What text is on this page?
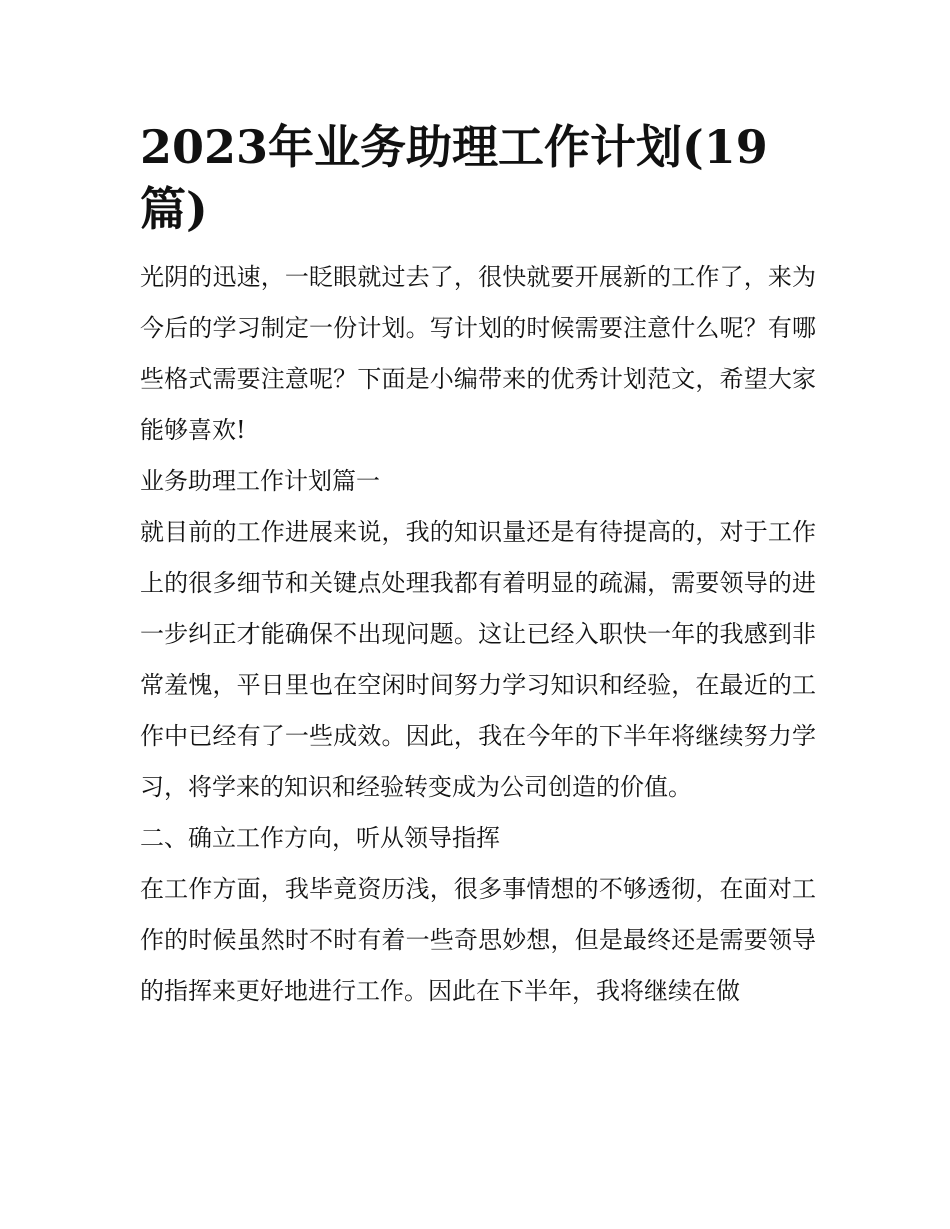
2023年业务助理工作计划(19篇)

光阴的迅速，一眨眼就过去了，很快就要开展新的工作了，来为今后的学习制定一份计划。写计划的时候需要注意什么呢？有哪些格式需要注意呢？下面是小编带来的优秀计划范文，希望大家能够喜欢!

业务助理工作计划篇一

就目前的工作进展来说，我的知识量还是有待提高的，对于工作上的很多细节和关键点处理我都有着明显的疏漏，需要领导的进一步纠正才能确保不出现问题。这让已经入职快一年的我感到非常羞愧，平日里也在空闲时间努力学习知识和经验，在最近的工作中已经有了一些成效。因此，我在今年的下半年将继续努力学习，将学来的知识和经验转变成为公司创造的价值。

二、确立工作方向，听从领导指挥

在工作方面，我毕竟资历浅，很多事情想的不够透彻，在面对工作的时候虽然时不时有着一些奇思妙想，但是最终还是需要领导的指挥来更好地进行工作。因此在下半年，我将继续在做
